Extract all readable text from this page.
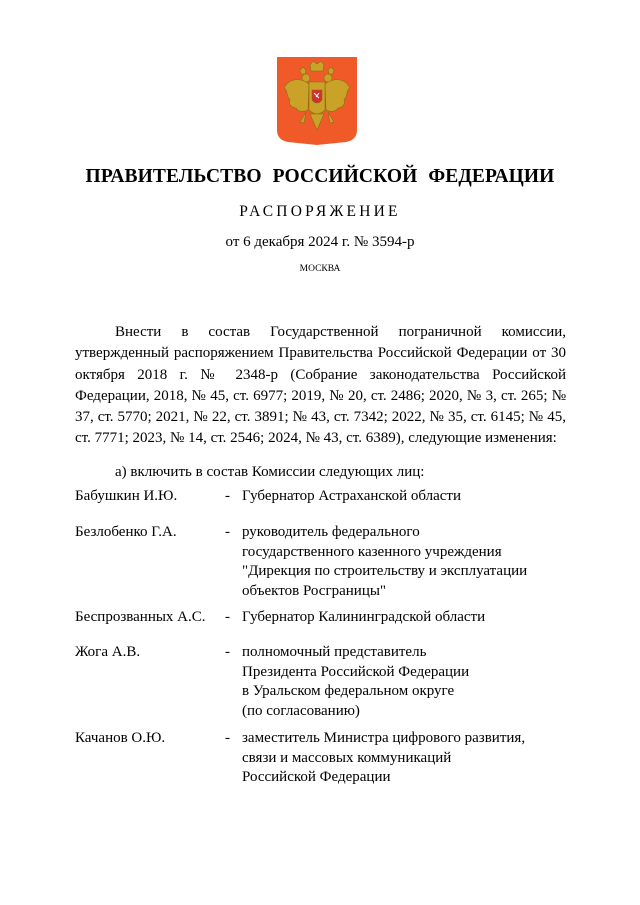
ПРАВИТЕЛЬСТВО РОССИЙСКОЙ ФЕДЕРАЦИИ
РАСПОРЯЖЕНИЕ
от 6 декабря 2024 г. № 3594-р
МОСКВА

Внести в состав Государственной пограничной комиссии, утвержденный распоряжением Правительства Российской Федерации от 30 октября 2018 г. № 2348-р (Собрание законодательства Российской Федерации, 2018, № 45, ст. 6977; 2019, № 20, ст. 2486; 2020, № 3, ст. 265; № 37, ст. 5770; 2021, № 22, ст. 3891; № 43, ст. 7342; 2022, № 35, ст. 6145; № 45, ст. 7771; 2023, № 14, ст. 2546; 2024, № 43, ст. 6389), следующие изменения:

а) включить в состав Комиссии следующих лиц:

Бабушкин И.Ю.	- Губернатор Астраханской области
Безлобенко Г.А.	- руководитель федерального
государственного казенного учреждения
"Дирекция по строительству и эксплуатации
объектов Росграницы"
Беспрозванных А.С. - Губернатор Калининградской области
Жога А.В.	- полномочный представитель
Президента Российской Федерации
в Уральском федеральном округе
(по согласованию)
Качанов О.Ю.	- заместитель Министра цифрового развития,
связи и массовых коммуникаций
Российской Федерации
